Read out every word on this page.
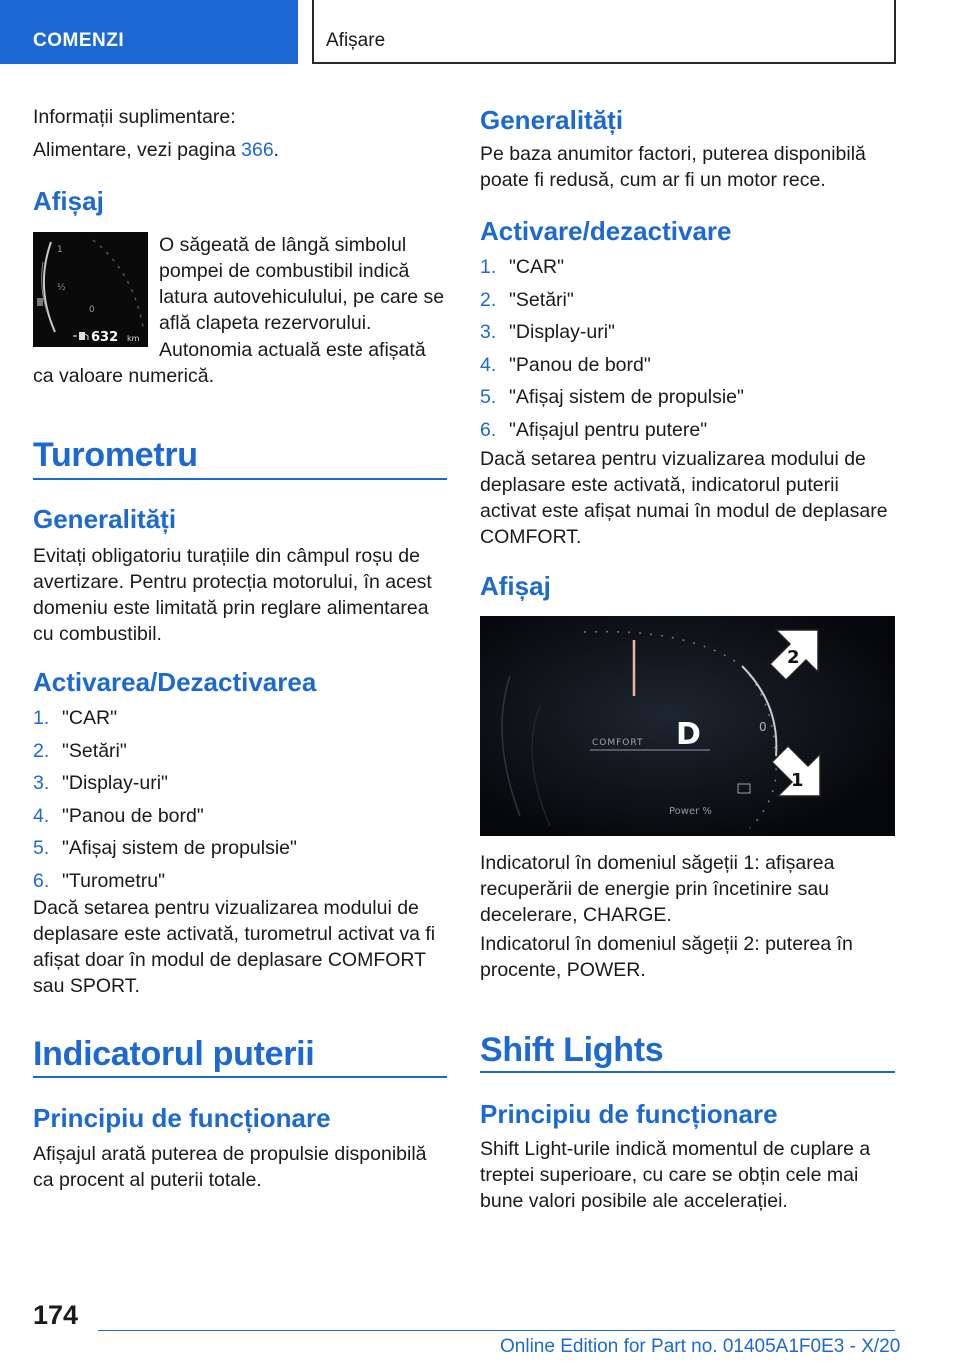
COMENZI	Afișare

Informații suplimentare:

Alimentare, vezi pagina 366.

Afișaj
1
½
0
632 km

O săgeată de lângă simbolul pompei de combustibil indică latura autovehiculului, pe care se află clapeta rezervorului.

Autonomia actuală este afișată ca valoare numerică.

Turometru
Generalități

Evitați obligatoriu turațiile din câmpul roșu de avertizare. Pentru protecția motorului, în acest domeniu este limitată prin reglare alimentarea cu combustibil.

Activarea/Dezactivarea
1. "CAR"
2. "Setări"
3. "Display-uri"
4. "Panou de bord"
5. "Afișaj sistem de propulsie"
6. "Turometru"

Dacă setarea pentru vizualizarea modului de deplasare este activată, turometrul activat va fi afișat doar în modul de deplasare COMFORT sau SPORT.

Indicatorul puterii
Principiu de funcționare

Afișajul arată puterea de propulsie disponibilă ca procent al puterii totale.

Generalități

Pe baza anumitor factori, puterea disponibilă poate fi redusă, cum ar fi un motor rece.

Activare/dezactivare
1. "CAR"
2. "Setări"
3. "Display-uri"
4. "Panou de bord"
5. "Afișaj sistem de propulsie"
6. "Afișajul pentru putere"

Dacă setarea pentru vizualizarea modului de deplasare este activată, indicatorul puterii activat este afișat numai în modul de deplasare COMFORT.

Afișaj
COMFORT D	0
Power %
2
1

Indicatorul în domeniul săgeții 1: afișarea recuperării de energie prin încetinire sau decelerare, CHARGE.

Indicatorul în domeniul săgeții 2: puterea în procente, POWER.

Shift Lights
Principiu de funcționare

Shift Light-urile indică momentul de cuplare a treptei superioare, cu care se obțin cele mai bune valori posibile ale accelerației.

174
Online Edition for Part no. 01405A1F0E3 - X/20
